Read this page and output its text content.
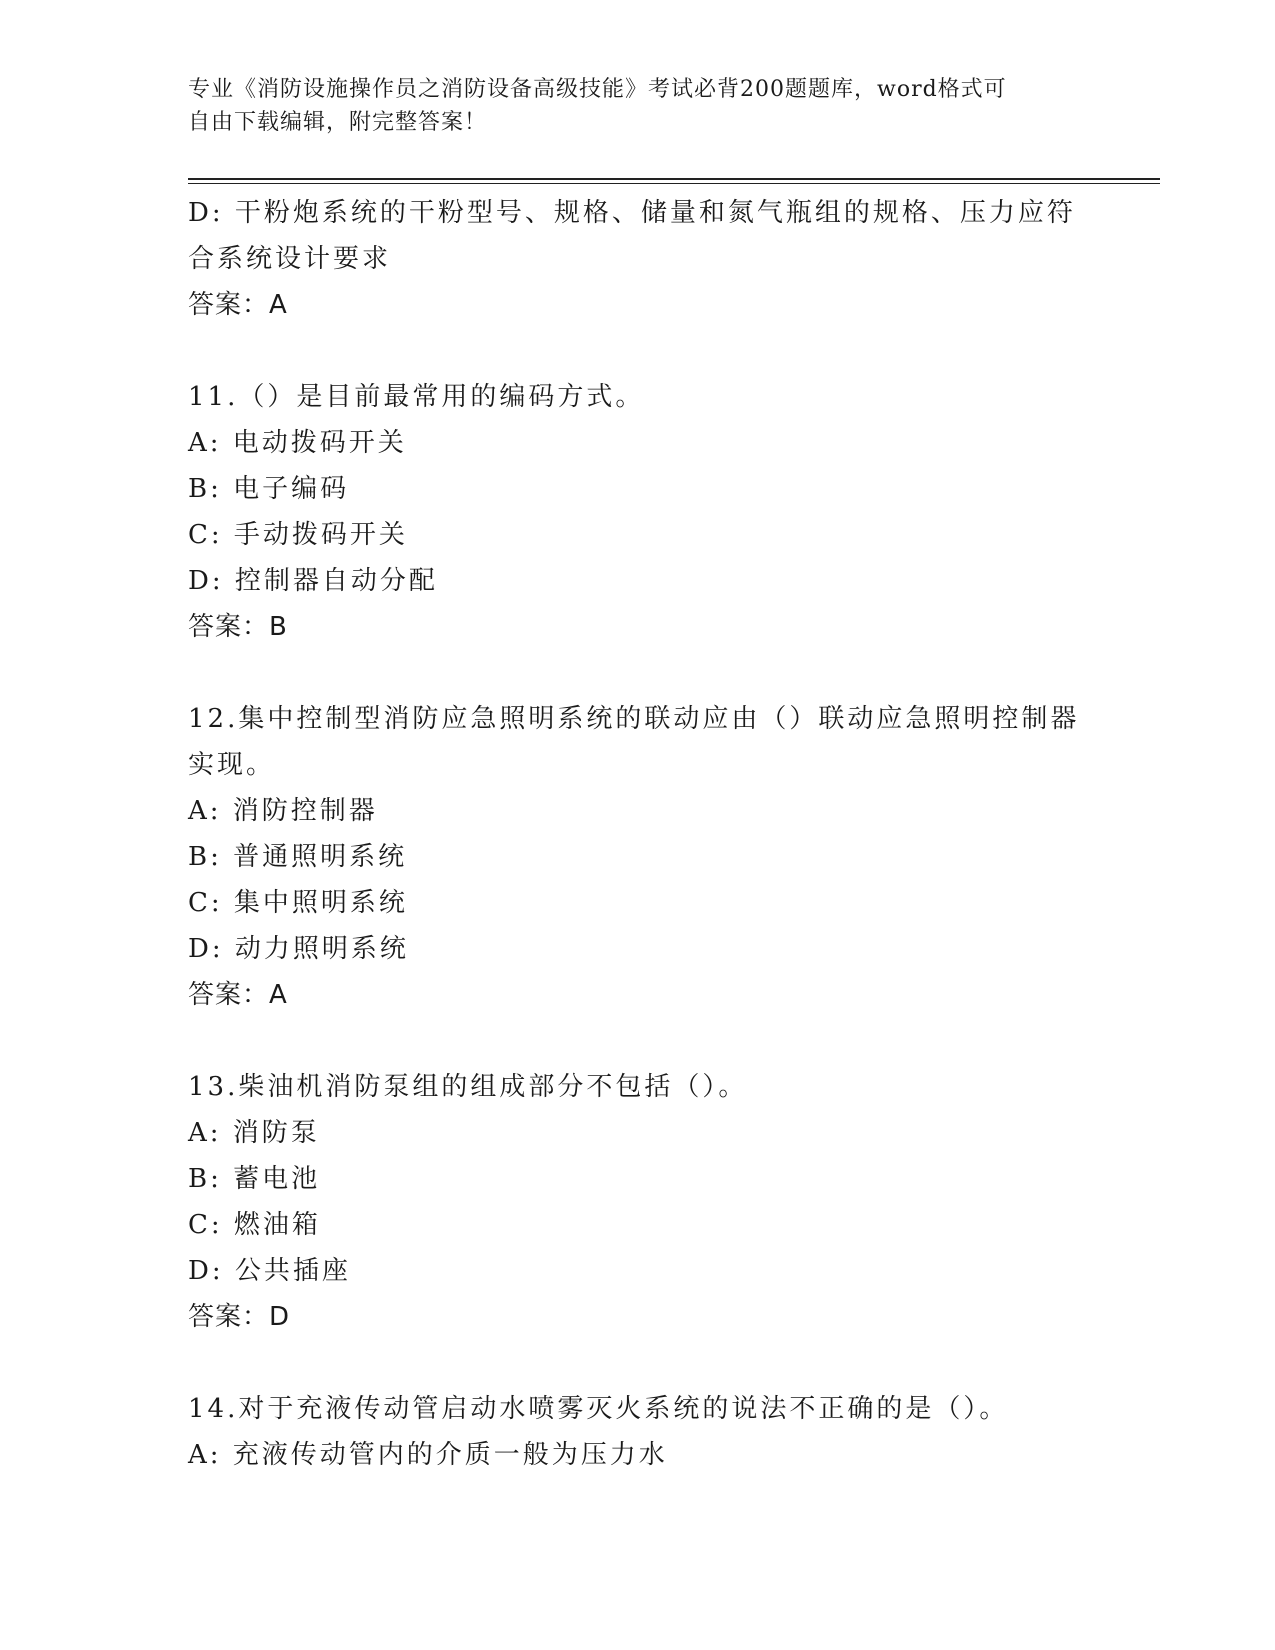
专业《消防设施操作员之消防设备高级技能》考试必背200题题库，word格式可
自由下载编辑，附完整答案！
D: 干粉炮系统的干粉型号、规格、储量和氮气瓶组的规格、压力应符
合系统设计要求
答案：A
11.（）是目前最常用的编码方式。
A: 电动拨码开关
B: 电子编码
C: 手动拨码开关
D: 控制器自动分配
答案：B
12.集中控制型消防应急照明系统的联动应由（）联动应急照明控制器
实现。
A: 消防控制器
B: 普通照明系统
C: 集中照明系统
D: 动力照明系统
答案：A
13.柴油机消防泵组的组成部分不包括（）。
A: 消防泵
B: 蓄电池
C: 燃油箱
D: 公共插座
答案：D
14.对于充液传动管启动水喷雾灭火系统的说法不正确的是（）。
A: 充液传动管内的介质一般为压力水
